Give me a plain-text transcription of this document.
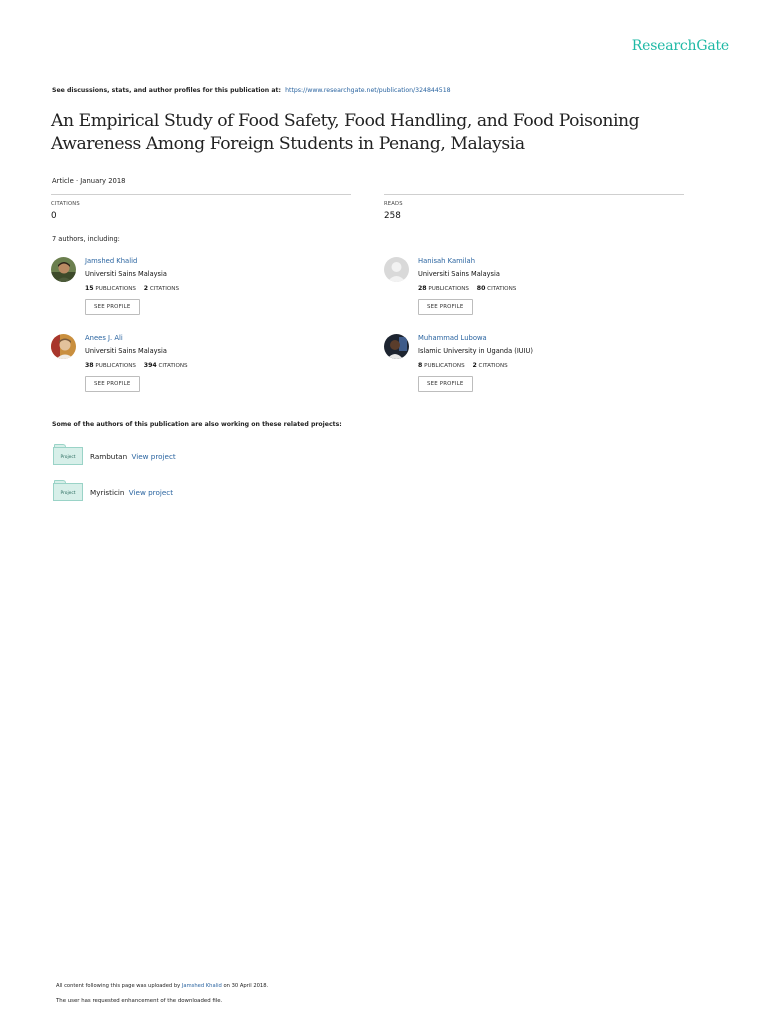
ResearchGate
See discussions, stats, and author profiles for this publication at: https://www.researchgate.net/publication/324844518
An Empirical Study of Food Safety, Food Handling, and Food Poisoning Awareness Among Foreign Students in Penang, Malaysia
Article · January 2018
CITATIONS
0
READS
258
7 authors, including:
Jamshed Khalid
Universiti Sains Malaysia
15 PUBLICATIONS 2 CITATIONS
SEE PROFILE
Hanisah Kamilah
Universiti Sains Malaysia
28 PUBLICATIONS 80 CITATIONS
SEE PROFILE
Anees J. Ali
Universiti Sains Malaysia
38 PUBLICATIONS 394 CITATIONS
SEE PROFILE
Muhammad Lubowa
Islamic University in Uganda (IUIU)
8 PUBLICATIONS 2 CITATIONS
SEE PROFILE
Some of the authors of this publication are also working on these related projects:
Project	Rambutan View project
Project	Myristicin View project
All content following this page was uploaded by Jamshed Khalid on 30 April 2018.
The user has requested enhancement of the downloaded file.
